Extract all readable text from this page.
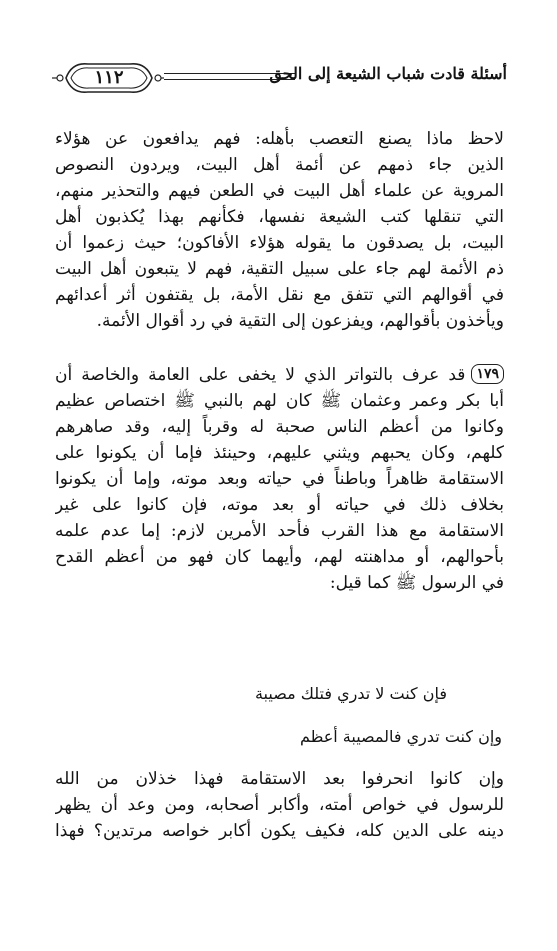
١١٢	أسئلة قادت شباب الشيعة إلى الحق
لاحظ ماذا يصنع التعصب بأهله: فهم يدافعون عن هؤلاء
الذين جاء ذمهم عن أئمة أهل البيت، ويردون النصوص
المروية عن علماء أهل البيت في الطعن فيهم والتحذير منهم،
التي تنقلها كتب الشيعة نفسها، فكأنهم بهذا يُكذبون أهل
البيت، بل يصدقون ما يقوله هؤلاء الأفاكون؛ حيث زعموا أن
ذم الأئمة لهم جاء على سبيل التقية، فهم لا يتبعون أهل البيت
في أقوالهم التي تتفق مع نقل الأمة، بل يقتفون أثر أعدائهم
ويأخذون بأقوالهم، ويفزعون إلى التقية في رد أقوال الأئمة.
١٧٩قد عرف بالتواتر الذي لا يخفى على العامة والخاصة أن
أبا بكر وعمر وعثمان ﷺ كان لهم بالنبي ﷺ اختصاص عظيم
وكانوا من أعظم الناس صحبة له وقرباً إليه، وقد صاهرهم
كلهم، وكان يحبهم ويثني عليهم، وحينئذ فإما أن يكونوا على
الاستقامة ظاهراً وباطناً في حياته وبعد موته، وإما أن يكونوا
بخلاف ذلك في حياته أو بعد موته، فإن كانوا على غير
الاستقامة مع هذا القرب فأحد الأمرين لازم: إما عدم علمه
بأحوالهم، أو مداهنته لهم، وأيهما كان فهو من أعظم القدح
في الرسول ﷺ كما قيل:
فإن كنت لا تدري فتلك مصيبة
وإن كنت تدري فالمصيبة أعظم
وإن كانوا انحرفوا بعد الاستقامة فهذا خذلان من الله
للرسول في خواص أمته، وأكابر أصحابه، ومن وعد أن يظهر
دينه على الدين كله، فكيف يكون أكابر خواصه مرتدين؟ فهذا
